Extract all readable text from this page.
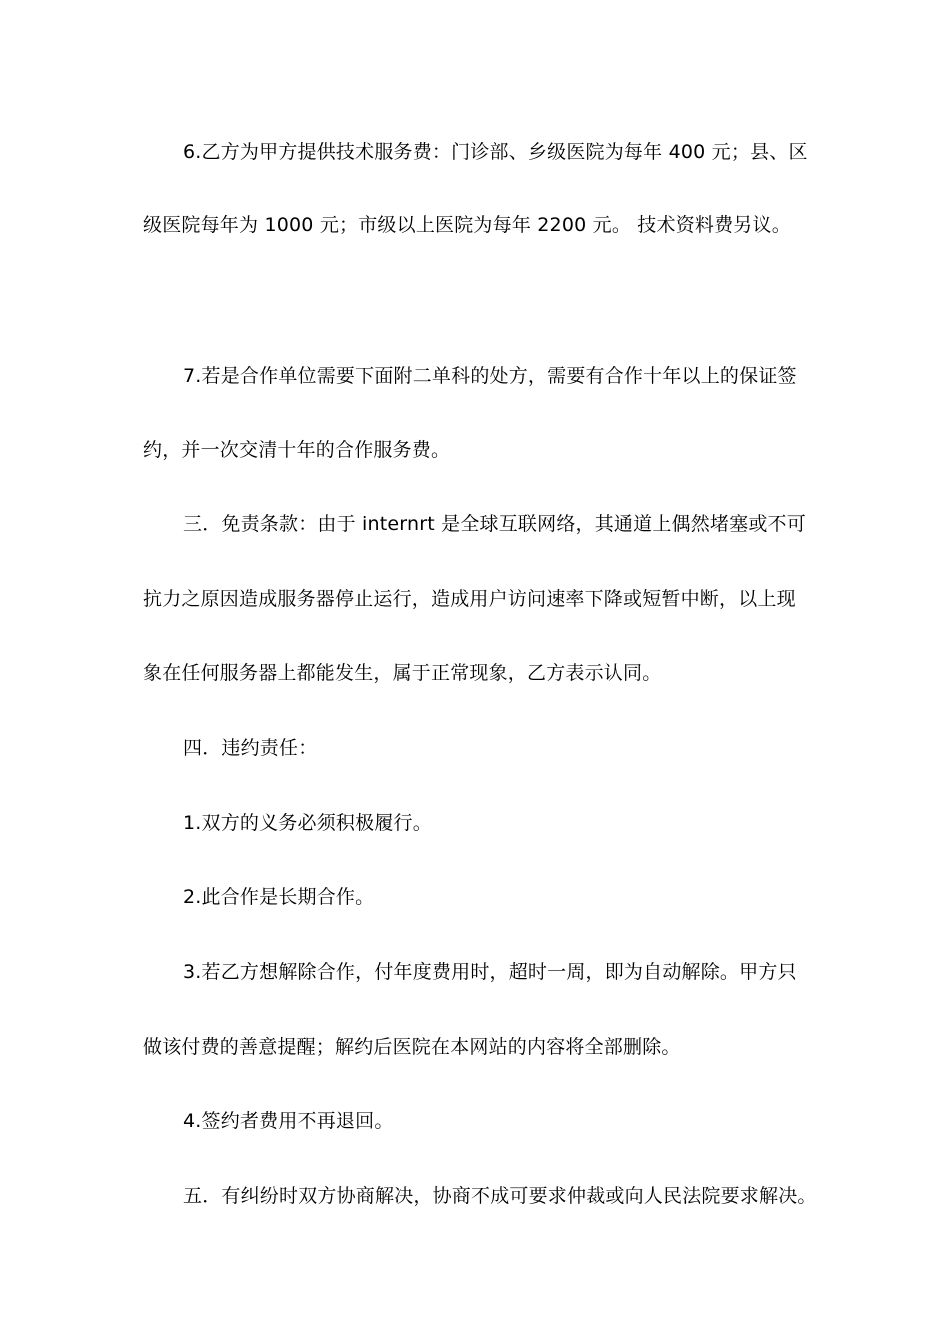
6.乙方为甲方提供技术服务费：门诊部、乡级医院为每年 400 元；县、区
级医院每年为 1000 元；市级以上医院为每年 2200 元。 技术资料费另议。
7.若是合作单位需要下面附二单科的处方，需要有合作十年以上的保证签
约，并一次交清十年的合作服务费。
三．免责条款：由于 internrt 是全球互联网络，其通道上偶然堵塞或不可
抗力之原因造成服务器停止运行，造成用户访问速率下降或短暂中断，以上现
象在任何服务器上都能发生，属于正常现象，乙方表示认同。
四．违约责任：
1.双方的义务必须积极履行。
2.此合作是长期合作。
3.若乙方想解除合作，付年度费用时，超时一周，即为自动解除。甲方只
做该付费的善意提醒；解约后医院在本网站的内容将全部删除。
4.签约者费用不再退回。
五．有纠纷时双方协商解决，协商不成可要求仲裁或向人民法院要求解决。
